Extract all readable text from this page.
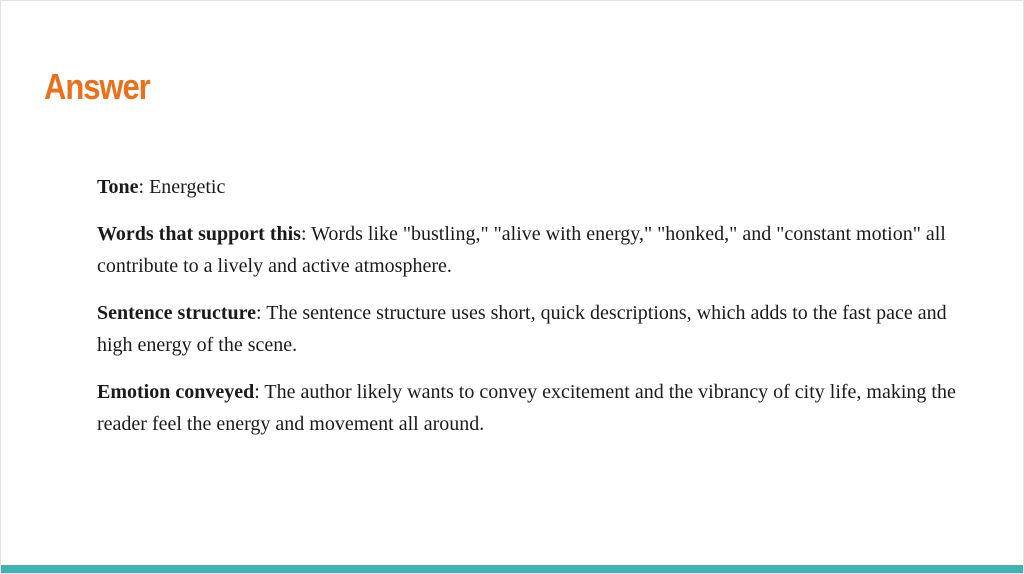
Answer

Tone: Energetic

Words that support this: Words like "bustling," "alive with energy," "honked," and "constant motion" all contribute to a lively and active atmosphere.

Sentence structure: The sentence structure uses short, quick descriptions, which adds to the fast pace and high energy of the scene.

Emotion conveyed: The author likely wants to convey excitement and the vibrancy of city life, making the reader feel the energy and movement all around.
